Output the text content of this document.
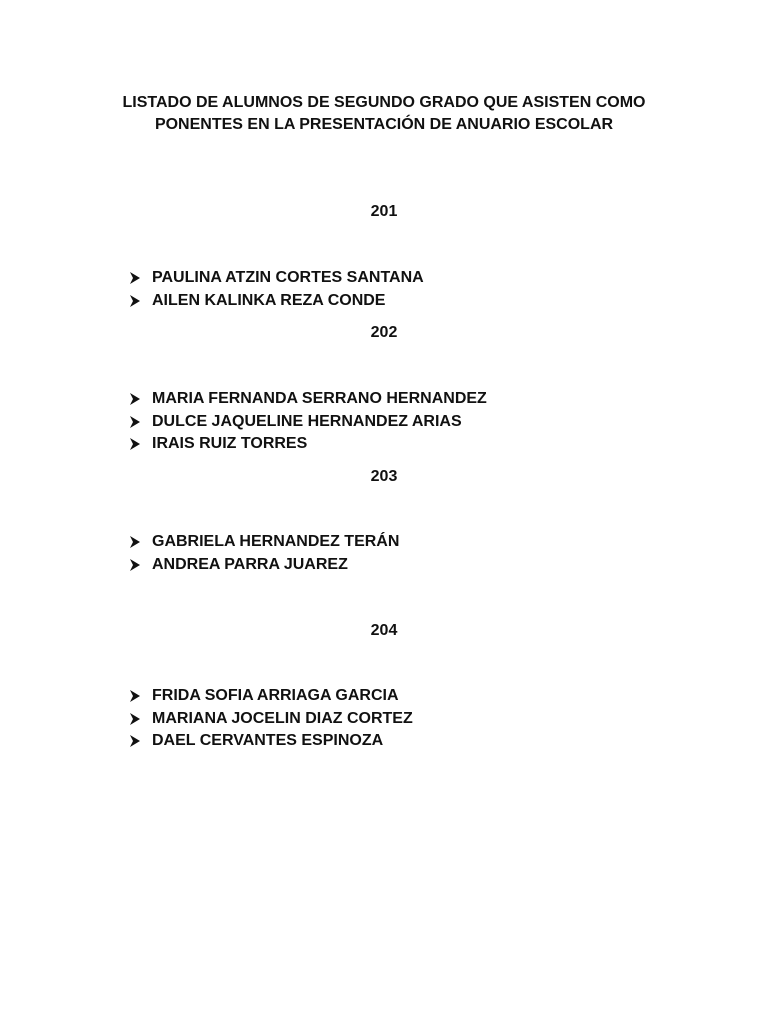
LISTADO DE ALUMNOS DE SEGUNDO GRADO QUE ASISTEN COMO PONENTES EN LA PRESENTACIÓN DE ANUARIO ESCOLAR
201
PAULINA ATZIN CORTES SANTANA
AILEN KALINKA REZA CONDE
202
MARIA FERNANDA SERRANO HERNANDEZ
DULCE JAQUELINE HERNANDEZ ARIAS
IRAIS RUIZ TORRES
203
GABRIELA HERNANDEZ TERÁN
ANDREA PARRA JUAREZ
204
FRIDA SOFIA ARRIAGA GARCIA
MARIANA JOCELIN DIAZ CORTEZ
DAEL CERVANTES ESPINOZA
